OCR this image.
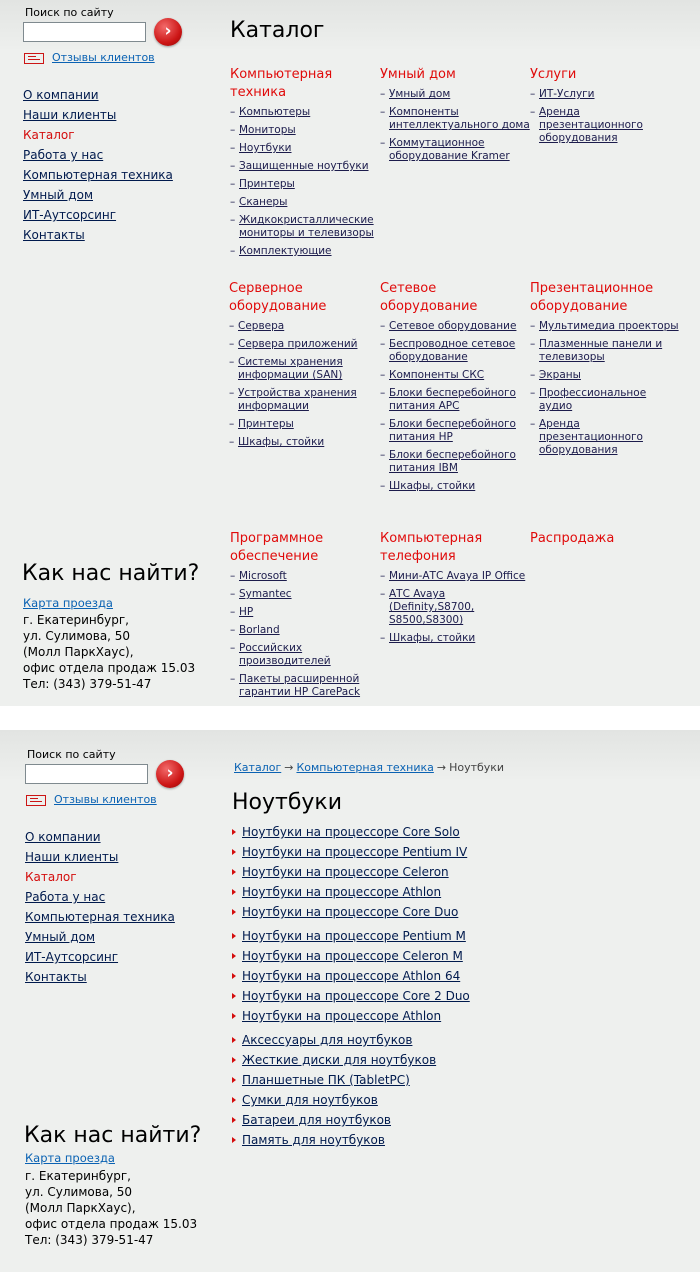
Поиск по сайту
›
Отзывы клиентов
О компании
Наши клиенты
Каталог
Работа у нас
Компьютерная техника
Умный дом
ИТ-Аутсорсинг
Контакты
Каталог
Компьютерная техника
– Компьютеры
– Мониторы
– Ноутбуки
– Защищенные ноутбуки
– Принтеры
– Сканеры
– Жидкокристаллические мониторы и телевизоры
– Комплектующие
Умный дом
– Умный дом
– Компоненты интеллектуального дома
– Коммутационное оборудование Kramer
Услуги
– ИТ-Услуги
– Аренда презентационного оборудования
Серверное оборудование
– Сервера
– Сервера приложений
– Системы хранения информации (SAN)
– Устройства хранения информации
– Принтеры
– Шкафы, стойки
Сетевое оборудование
– Сетевое оборудование
– Беспроводное сетевое оборудование
– Компоненты СКС
– Блоки бесперебойного питания APC
– Блоки бесперебойного питания HP
– Блоки бесперебойного питания IBM
– Шкафы, стойки
Презентационное оборудование
– Мультимедиа проекторы
– Плазменные панели и телевизоры
– Экраны
– Профессиональное аудио
– Аренда презентационного оборудования
Программное обеспечение
– Microsoft
– Symantec
– HP
– Borland
– Российских производителей
– Пакеты расширенной гарантии HP CarePack
Компьютерная телефония
– Мини-АТС Avaya IP Office
– АТС Avaya (Definity,S8700, S8500,S8300)
– Шкафы, стойки
Распродажа
Как нас найти?
Карта проезда
г. Екатеринбург,
ул. Сулимова, 50
(Молл ПаркХаус),
офис отдела продаж 15.03
Тел: (343) 379-51-47
Поиск по сайту
›
Отзывы клиентов
О компании
Наши клиенты
Каталог
Работа у нас
Компьютерная техника
Умный дом
ИТ-Аутсорсинг
Контакты
Каталог → Компьютерная техника → Ноутбуки
Ноутбуки
Ноутбуки на процессоре Core Solo
Ноутбуки на процессоре Pentium IV
Ноутбуки на процессоре Celeron
Ноутбуки на процессоре Athlon
Ноутбуки на процессоре Core Duo
Ноутбуки на процессоре Pentium M
Ноутбуки на процессоре Celeron M
Ноутбуки на процессоре Athlon 64
Ноутбуки на процессоре Core 2 Duo
Ноутбуки на процессоре Athlon
Аксессуары для ноутбуков
Жесткие диски для ноутбуков
Планшетные ПК (TabletPC)
Сумки для ноутбуков
Батареи для ноутбуков
Память для ноутбуков
Как нас найти?
Карта проезда
г. Екатеринбург,
ул. Сулимова, 50
(Молл ПаркХаус),
офис отдела продаж 15.03
Тел: (343) 379-51-47
